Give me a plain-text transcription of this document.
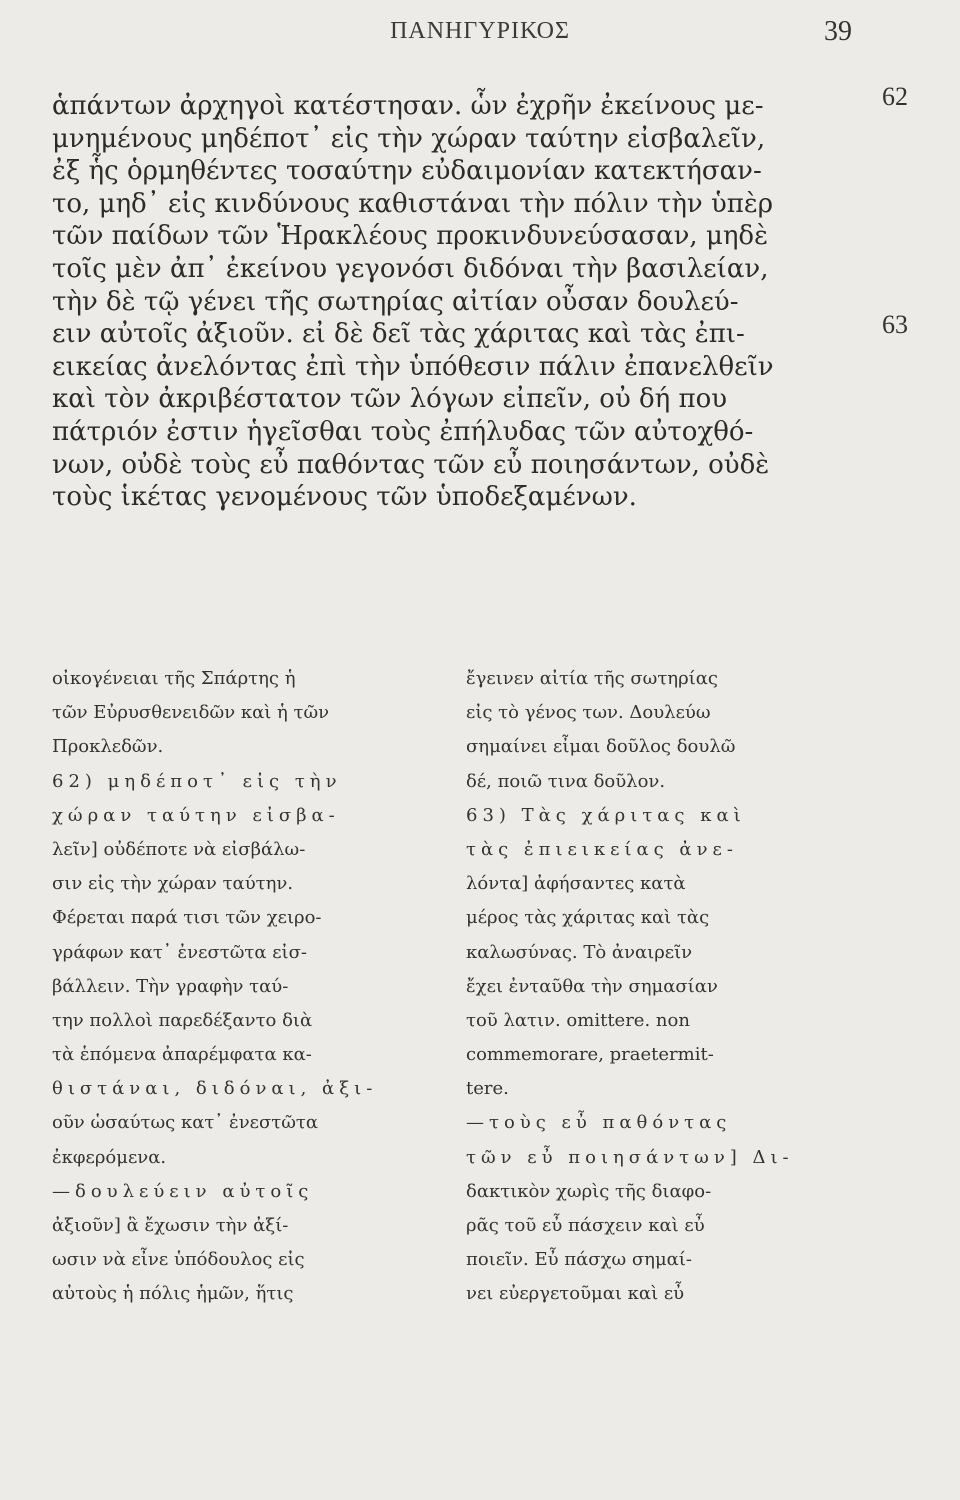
ΠΑΝΗΓΥΡΙΚΟΣ	39
62
63
ἁπάντων ἀρχηγοὶ κατέστησαν. ὧν ἐχρῆν ἐκείνους με-
μνημένους μηδέποτ᾽ εἰς τὴν χώραν ταύτην εἰσβαλεῖν,
ἐξ ἧς ὁρμηθέντες τοσαύτην εὐδαιμονίαν κατεκτήσαν-
το, μηδ᾽ εἰς κινδύνους καθιστάναι τὴν πόλιν τὴν ὑπὲρ
τῶν παίδων τῶν Ἡρακλέους προκινδυνεύσασαν, μηδὲ
τοῖς μὲν ἀπ᾽ ἐκείνου γεγονόσι διδόναι τὴν βασιλείαν,
τὴν δὲ τῷ γένει τῆς σωτηρίας αἰτίαν οὖσαν δουλεύ-
ειν αὐτοῖς ἀξιοῦν. εἰ δὲ δεῖ τὰς χάριτας καὶ τὰς ἐπι-
εικείας ἀνελόντας ἐπὶ τὴν ὑπόθεσιν πάλιν ἐπανελθεῖν
καὶ τὸν ἀκριβέστατον τῶν λόγων εἰπεῖν, οὐ δή που
πάτριόν ἐστιν ἡγεῖσθαι τοὺς ἐπήλυδας τῶν αὐτοχθό-
νων, οὐδὲ τοὺς εὖ παθόντας τῶν εὖ ποιησάντων, οὐδὲ
τοὺς ἱκέτας γενομένους τῶν ὑποδεξαμένων.
οἰκογένειαι τῆς Σπάρτης ἡ
τῶν Εὐρυσθενειδῶν καὶ ἡ τῶν
Προκλεδῶν.
62) μηδέποτ᾽ εἰς τὴν
χώραν ταύτην εἰσβα-
λεῖν] οὐδέποτε νὰ εἰσβάλω-
σιν εἰς τὴν χώραν ταύτην.
Φέρεται παρά τισι τῶν χειρο-
γράφων κατ᾽ ἐνεστῶτα εἰσ-
βάλλειν. Τὴν γραφὴν ταύ-
την πολλοὶ παρεδέξαντο διὰ
τὰ ἑπόμενα ἀπαρέμφατα κα-
θιστάναι, διδόναι, ἀξι-
οῦν ὡσαύτως κατ᾽ ἐνεστῶτα
ἐκφερόμενα.
—δουλεύειν αὐτοῖς
ἀξιοῦν] ἃ ἔχωσιν τὴν ἀξί-
ωσιν νὰ εἶνε ὑπόδουλος εἰς
αὐτοὺς ἡ πόλις ἡμῶν, ἥτις
ἔγεινεν αἰτία τῆς σωτηρίας
εἰς τὸ γένος των. Δουλεύω
σημαίνει εἶμαι δοῦλος δουλῶ
δέ, ποιῶ τινα δοῦλον.
63) Τὰς χάριτας καὶ
τὰς ἐπιεικείας ἀνε-
λόντα] ἀφήσαντες κατὰ
μέρος τὰς χάριτας καὶ τὰς
καλωσύνας. Τὸ ἀναιρεῖν
ἔχει ἐνταῦθα τὴν σημασίαν
τοῦ λατιν. omittere. non
commemorare, praetermit-
tere.
—τοὺς εὖ παθόντας
τῶν εὖ ποιησάντων] Δι-
δακτικὸν χωρὶς τῆς διαφο-
ρᾶς τοῦ εὖ πάσχειν καὶ εὖ
ποιεῖν. Εὖ πάσχω σημαί-
νει εὐεργετοῦμαι καὶ εὖ
